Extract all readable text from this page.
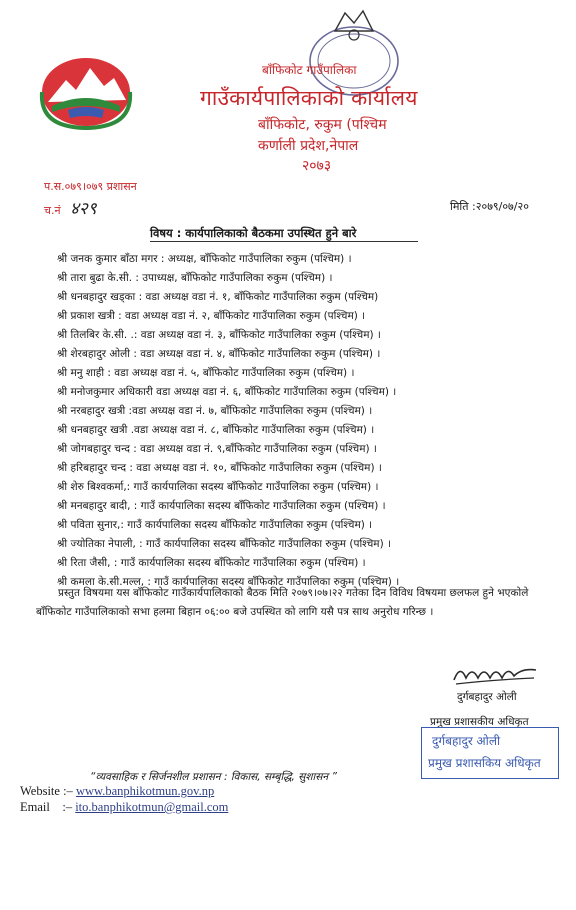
बाँफिकोट गाउँपालिका
गाउँकार्यपालिकाको कार्यालय
बाँफिकोट, रुकुम (पश्चिम
कर्णाली प्रदेश,नेपाल
२०७३
प.स.०७९।०७९ प्रशासन
च.नं ४२९	मिति :२०७९/०७/२०
विषय : कार्यपालिकाको बैठकमा उपस्थित हुने बारे
श्री जनक कुमार बाँठा मगर : अध्यक्ष, बाँफिकोट गाउँपालिका रुकुम (पश्चिम) ।
श्री तारा बुढा के.सी. : उपाध्यक्ष, बाँफिकोट गाउँपालिका रुकुम (पश्चिम) ।
श्री धनबहादुर खड्का : वडा अध्यक्ष वडा नं. १, बाँफिकोट गाउँपालिका रुकुम (पश्चिम)
श्री प्रकाश खत्री : वडा अध्यक्ष वडा नं. २, बाँफिकोट गाउँपालिका रुकुम (पश्चिम) ।
श्री तिलबिर के.सी. .: वडा अध्यक्ष वडा नं. ३, बाँफिकोट गाउँपालिका रुकुम (पश्चिम) ।
श्री शेरबहादुर ओली : वडा अध्यक्ष वडा नं. ४, बाँफिकोट गाउँपालिका रुकुम (पश्चिम) ।
श्री मनु शाही : वडा अध्यक्ष वडा नं. ५, बाँफिकोट गाउँपालिका रुकुम (पश्चिम) ।
श्री मनोजकुमार अधिकारी वडा अध्यक्ष वडा नं. ६, बाँफिकोट गाउँपालिका रुकुम (पश्चिम) ।
श्री नरबहादुर खत्री :वडा अध्यक्ष वडा नं. ७, बाँफिकोट गाउँपालिका रुकुम (पश्चिम) ।
श्री धनबहादुर खत्री .वडा अध्यक्ष वडा नं. ८, बाँफिकोट गाउँपालिका रुकुम (पश्चिम) ।
श्री जोगबहादुर चन्द : वडा अध्यक्ष वडा नं. ९,बाँफिकोट गाउँपालिका रुकुम (पश्चिम) ।
श्री हरिबहादुर चन्द : वडा अध्यक्ष वडा नं. १०, बाँफिकोट गाउँपालिका रुकुम (पश्चिम) ।
श्री शेरु बिश्वकर्मा,: गाउँ कार्यपालिका सदस्य बाँफिकोट गाउँपालिका रुकुम (पश्चिम) ।
श्री मनबहादुर बादी, : गाउँ कार्यपालिका सदस्य बाँफिकोट गाउँपालिका रुकुम (पश्चिम) ।
श्री पविता सुनार,: गाउँ कार्यपालिका सदस्य बाँफिकोट गाउँपालिका रुकुम (पश्चिम) ।
श्री ज्योतिका नेपाली, : गाउँ कार्यपालिका सदस्य बाँफिकोट गाउँपालिका रुकुम (पश्चिम) ।
श्री रिता जैसी, : गाउँ कार्यपालिका सदस्य बाँफिकोट गाउँपालिका रुकुम (पश्चिम) ।
श्री कमला के.सी.मल्ल, : गाउँ कार्यपालिका सदस्य बाँफिकोट गाउँपालिका रुकुम (पश्चिम) ।
प्रस्तुत विषयमा यस बाँफिकोट गाउँकार्यपालिकाको बैठक मिति २०७९।०७।२२ गतेका दिन विविध विषयमा छलफल हुने भएकोले बाँफिकोट गाउँपालिकाको सभा हलमा बिहान ०६:०० बजे उपस्थित को लागि यसै पत्र साथ अनुरोध गरिन्छ ।
दुर्गबहादुर ओली
प्रमुख प्रशासकीय अधिकृत
दुर्गबहादुर ओली
प्रमुख प्रशासकिय अधिकृत
“व्यवसाहिक र सिर्जनशील प्रशासन : विकास, सम्बृद्धि, सुशासन ”
Website :– www.banphikotmun.gov.np
Email    :– ito.banphikotmun@gmail.com
